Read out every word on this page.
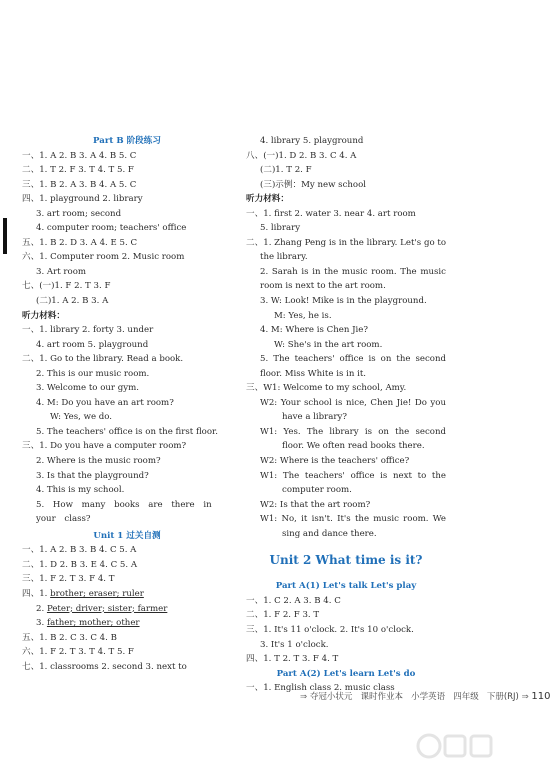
Part B 阶段练习
一、1. A 2. B 3. A 4. B 5. C
二、1. T 2. F 3. T 4. T 5. F
三、1. B 2. A 3. B 4. A 5. C
四、1. playground 2. library
3. art room; second
4. computer room; teachers' office
五、1. B 2. D 3. A 4. E 5. C
六、1. Computer room 2. Music room
3. Art room
七、(一)1. F 2. T 3. F
(二)1. A 2. B 3. A
听力材料：
一、1. library 2. forty 3. under
4. art room 5. playground
二、1. Go to the library. Read a book.
2. This is our music room.
3. Welcome to our gym.
4. M: Do you have an art room?
W: Yes, we do.
5. The teachers' office is on the first floor.
三、1. Do you have a computer room?
2. Where is the music room?
3. Is that the playground?
4. This is my school.
5. How many books are there in your class?
Unit 1 过关自测
一、1. A 2. B 3. B 4. C 5. A
二、1. D 2. B 3. E 4. C 5. A
三、1. F 2. T 3. F 4. T
四、1. brother; eraser; ruler
2. Peter; driver; sister; farmer
3. father; mother; other
五、1. B 2. C 3. C 4. B
六、1. F 2. T 3. T 4. T 5. F
七、1. classrooms 2. second 3. next to
4. library 5. playground
八、(一)1. D 2. B 3. C 4. A
(二)1. T 2. F
(三)示例：My new school
听力材料：
一、1. first 2. water 3. near 4. art room
5. library
二、1. Zhang Peng is in the library. Let's go to the library.
2. Sarah is in the music room. The music room is next to the art room.
3. W: Look! Mike is in the playground.
M: Yes, he is.
4. M: Where is Chen Jie?
W: She's in the art room.
5. The teachers' office is on the second floor. Miss White is in it.
三、W1: Welcome to my school, Amy.
W2: Your school is nice, Chen Jie! Do you have a library?
W1: Yes. The library is on the second floor. We often read books there.
W2: Where is the teachers' office?
W1: The teachers' office is next to the computer room.
W2: Is that the art room?
W1: No, it isn't. It's the music room. We sing and dance there.
Unit 2 What time is it?
Part A(1) Let's talk Let's play
一、1. C 2. A 3. B 4. C
二、1. F 2. F 3. T
三、1. It's 11 o'clock. 2. It's 10 o'clock.
3. It's 1 o'clock.
四、1. T 2. T 3. F 4. T
Part A(2) Let's learn Let's do
一、1. English class 2. music class
⇒ 夺冠小状元 课时作业本 小学英语 四年级 下册(RJ) ⇒ 110
